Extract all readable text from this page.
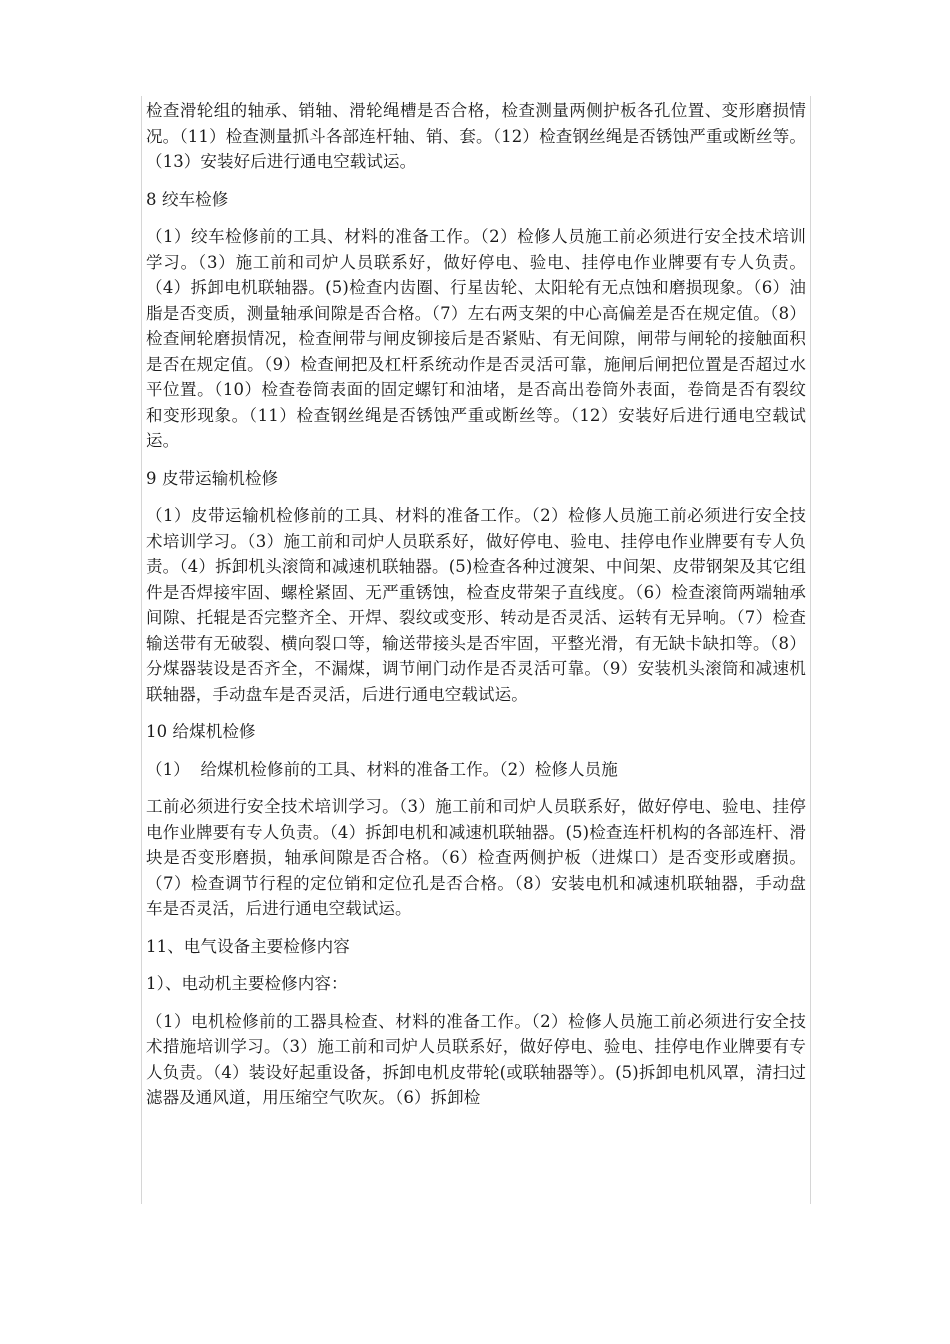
检查滑轮组的轴承、销轴、滑轮绳槽是否合格，检查测量两侧护板各孔位置、变形磨损情况。（11）检查测量抓斗各部连杆轴、销、套。（12）检查钢丝绳是否锈蚀严重或断丝等。（13）安装好后进行通电空载试运。

8 绞车检修

（1）绞车检修前的工具、材料的准备工作。（2）检修人员施工前必须进行安全技术培训学习。（3）施工前和司炉人员联系好，做好停电、验电、挂停电作业牌要有专人负责。（4）拆卸电机联轴器。(5)检查内齿圈、行星齿轮、太阳轮有无点蚀和磨损现象。（6）油脂是否变质，测量轴承间隙是否合格。（7）左右两支架的中心高偏差是否在规定值。（8）检查闸轮磨损情况，检查闸带与闸皮铆接后是否紧贴、有无间隙，闸带与闸轮的接触面积是否在规定值。（9）检查闸把及杠杆系统动作是否灵活可靠，施闸后闸把位置是否超过水平位置。（10）检查卷筒表面的固定螺钉和油堵，是否高出卷筒外表面，卷筒是否有裂纹和变形现象。（11）检查钢丝绳是否锈蚀严重或断丝等。（12）安装好后进行通电空载试运。

9 皮带运输机检修

（1）皮带运输机检修前的工具、材料的准备工作。（2）检修人员施工前必须进行安全技术培训学习。（3）施工前和司炉人员联系好，做好停电、验电、挂停电作业牌要有专人负责。（4）拆卸机头滚筒和减速机联轴器。(5)检查各种过渡架、中间架、皮带钢架及其它组件是否焊接牢固、螺栓紧固、无严重锈蚀，检查皮带架子直线度。（6）检查滚筒两端轴承间隙、托辊是否完整齐全、开焊、裂纹或变形、转动是否灵活、运转有无异响。（7）检查输送带有无破裂、横向裂口等，输送带接头是否牢固，平整光滑，有无缺卡缺扣等。（8）分煤器装设是否齐全，不漏煤，调节闸门动作是否灵活可靠。（9）安装机头滚筒和减速机联轴器，手动盘车是否灵活，后进行通电空载试运。

10 给煤机检修

（1）  给煤机检修前的工具、材料的准备工作。（2）检修人员施

工前必须进行安全技术培训学习。（3）施工前和司炉人员联系好，做好停电、验电、挂停电作业牌要有专人负责。（4）拆卸电机和减速机联轴器。(5)检查连杆机构的各部连杆、滑块是否变形磨损，轴承间隙是否合格。（6）检查两侧护板（进煤口）是否变形或磨损。（7）检查调节行程的定位销和定位孔是否合格。（8）安装电机和减速机联轴器，手动盘车是否灵活，后进行通电空载试运。

11、电气设备主要检修内容

1）、电动机主要检修内容：

（1）电机检修前的工器具检查、材料的准备工作。（2）检修人员施工前必须进行安全技术措施培训学习。（3）施工前和司炉人员联系好，做好停电、验电、挂停电作业牌要有专人负责。（4）装设好起重设备，拆卸电机皮带轮(或联轴器等）。(5)拆卸电机风罩，清扫过滤器及通风道，用压缩空气吹灰。（6）拆卸检
